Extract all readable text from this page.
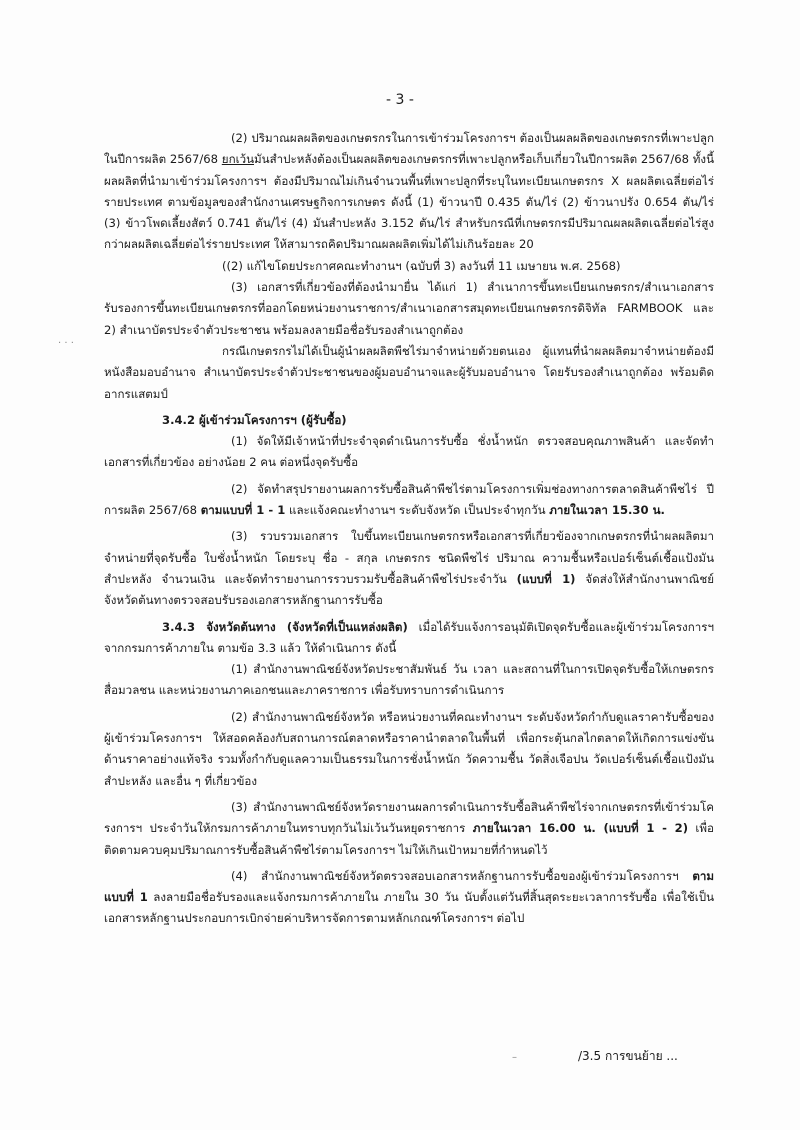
- 3 -
· · ·
–

(2) ปริมาณผลผลิตของเกษตรกรในการเข้าร่วมโครงการฯ ต้องเป็นผลผลิตของเกษตรกรที่เพาะปลูกในปีการผลิต 2567/68 ยกเว้นมันสำปะหลังต้องเป็นผลผลิตของเกษตรกรที่เพาะปลูกหรือเก็บเกี่ยวในปีการผลิต 2567/68 ทั้งนี้ ผลผลิตที่นำมาเข้าร่วมโครงการฯ ต้องมีปริมาณไม่เกินจำนวนพื้นที่เพาะปลูกที่ระบุในทะเบียนเกษตรกร X ผลผลิตเฉลี่ยต่อไร่รายประเทศ ตามข้อมูลของสำนักงานเศรษฐกิจการเกษตร ดังนี้ (1) ข้าวนาปี 0.435 ตัน/ไร่ (2) ข้าวนาปรัง 0.654 ตัน/ไร่ (3) ข้าวโพดเลี้ยงสัตว์ 0.741 ตัน/ไร่ (4) มันสำปะหลัง 3.152 ตัน/ไร่ สำหรับกรณีที่เกษตรกรมีปริมาณผลผลิตเฉลี่ยต่อไร่สูงกว่าผลผลิตเฉลี่ยต่อไร่รายประเทศ ให้สามารถคิดปริมาณผลผลิตเพิ่มได้ไม่เกินร้อยละ 20

((2) แก้ไขโดยประกาศคณะทำงานฯ (ฉบับที่ 3) ลงวันที่ 11 เมษายน พ.ศ. 2568)

(3) เอกสารที่เกี่ยวข้องที่ต้องนำมายื่น ได้แก่ 1) สำเนาการขึ้นทะเบียนเกษตรกร/สำเนาเอกสารรับรองการขึ้นทะเบียนเกษตรกรที่ออกโดยหน่วยงานราชการ/สำเนาเอกสารสมุดทะเบียนเกษตรกรดิจิทัล FARMBOOK และ 2) สำเนาบัตรประจำตัวประชาชน พร้อมลงลายมือชื่อรับรองสำเนาถูกต้อง

กรณีเกษตรกรไม่ได้เป็นผู้นำผลผลิตพืชไร่มาจำหน่ายด้วยตนเอง ผู้แทนที่นำผลผลิตมาจำหน่ายต้องมีหนังสือมอบอำนาจ สำเนาบัตรประจำตัวประชาชนของผู้มอบอำนาจและผู้รับมอบอำนาจ โดยรับรองสำเนาถูกต้อง พร้อมติดอากรแสตมป์

3.4.2 ผู้เข้าร่วมโครงการฯ (ผู้รับซื้อ)

(1) จัดให้มีเจ้าหน้าที่ประจำจุดดำเนินการรับซื้อ ชั่งน้ำหนัก ตรวจสอบคุณภาพสินค้า และจัดทำเอกสารที่เกี่ยวข้อง อย่างน้อย 2 คน ต่อหนึ่งจุดรับซื้อ

(2) จัดทำสรุปรายงานผลการรับซื้อสินค้าพืชไร่ตามโครงการเพิ่มช่องทางการตลาดสินค้าพืชไร่ ปีการผลิต 2567/68 ตามแบบที่ 1 - 1 และแจ้งคณะทำงานฯ ระดับจังหวัด เป็นประจำทุกวัน ภายในเวลา 15.30 น.

(3) รวบรวมเอกสาร ใบขึ้นทะเบียนเกษตรกรหรือเอกสารที่เกี่ยวข้องจากเกษตรกรที่นำผลผลิตมาจำหน่ายที่จุดรับซื้อ ใบชั่งน้ำหนัก โดยระบุ ชื่อ - สกุล เกษตรกร ชนิดพืชไร่ ปริมาณ ความชื้นหรือเปอร์เซ็นต์เชื้อแป้งมันสำปะหลัง จำนวนเงิน และจัดทำรายงานการรวบรวมรับซื้อสินค้าพืชไร่ประจำวัน (แบบที่ 1) จัดส่งให้สำนักงานพาณิชย์จังหวัดต้นทางตรวจสอบรับรองเอกสารหลักฐานการรับซื้อ

3.4.3 จังหวัดต้นทาง (จังหวัดที่เป็นแหล่งผลิต) เมื่อได้รับแจ้งการอนุมัติเปิดจุดรับซื้อและผู้เข้าร่วมโครงการฯ จากกรมการค้าภายใน ตามข้อ 3.3 แล้ว ให้ดำเนินการ ดังนี้

(1) สำนักงานพาณิชย์จังหวัดประชาสัมพันธ์ วัน เวลา และสถานที่ในการเปิดจุดรับซื้อให้เกษตรกร สื่อมวลชน และหน่วยงานภาคเอกชนและภาคราชการ เพื่อรับทราบการดำเนินการ

(2) สำนักงานพาณิชย์จังหวัด หรือหน่วยงานที่คณะทำงานฯ ระดับจังหวัดกำกับดูแลราคารับซื้อของผู้เข้าร่วมโครงการฯ ให้สอดคล้องกับสถานการณ์ตลาดหรือราคานำตลาดในพื้นที่ เพื่อกระตุ้นกลไกตลาดให้เกิดการแข่งขันด้านราคาอย่างแท้จริง รวมทั้งกำกับดูแลความเป็นธรรมในการชั่งน้ำหนัก วัดความชื้น วัดสิ่งเจือปน วัดเปอร์เซ็นต์เชื้อแป้งมันสำปะหลัง และอื่น ๆ ที่เกี่ยวข้อง

(3) สำนักงานพาณิชย์จังหวัดรายงานผลการดำเนินการรับซื้อสินค้าพืชไร่จากเกษตรกรที่เข้าร่วมโครงการฯ ประจำวันให้กรมการค้าภายในทราบทุกวันไม่เว้นวันหยุดราชการ ภายในเวลา 16.00 น. (แบบที่ 1 - 2) เพื่อติดตามควบคุมปริมาณการรับซื้อสินค้าพืชไร่ตามโครงการฯ ไม่ให้เกินเป้าหมายที่กำหนดไว้

(4) สำนักงานพาณิชย์จังหวัดตรวจสอบเอกสารหลักฐานการรับซื้อของผู้เข้าร่วมโครงการฯ ตามแบบที่ 1 ลงลายมือชื่อรับรองและแจ้งกรมการค้าภายใน ภายใน 30 วัน นับตั้งแต่วันที่สิ้นสุดระยะเวลาการรับซื้อ เพื่อใช้เป็นเอกสารหลักฐานประกอบการเบิกจ่ายค่าบริหารจัดการตามหลักเกณฑ์โครงการฯ ต่อไป

/3.5 การขนย้าย ...
